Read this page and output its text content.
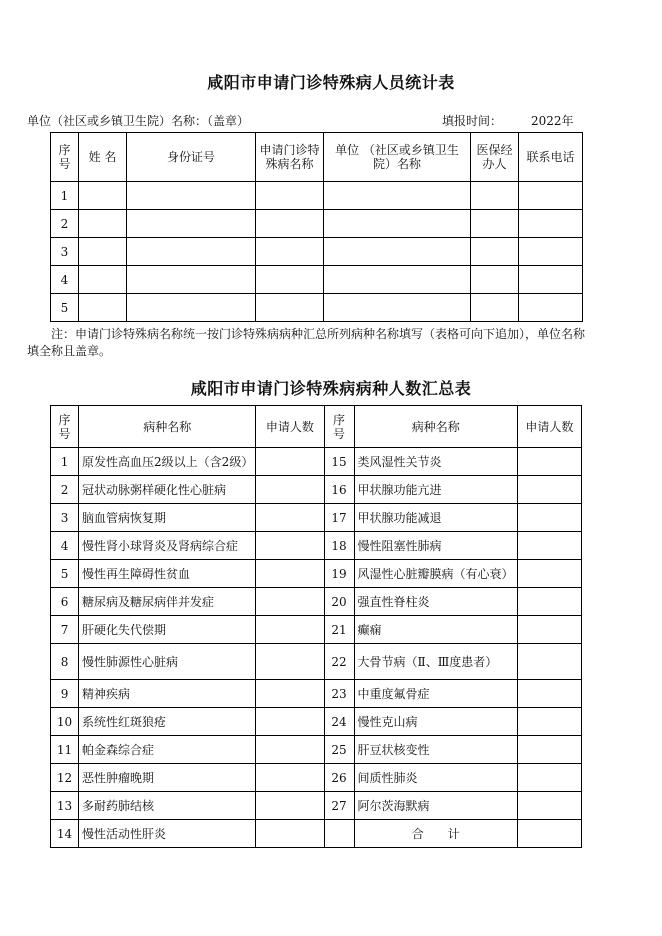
咸阳市申请门诊特殊病人员统计表
单位（社区或乡镇卫生院）名称：（盖章）	填报时间： 2022年
序号	姓 名	身份证号	申请门诊特殊病名称	单位 （社区或乡镇卫生院）名称	医保经办人	联系电话
1						
2						
3						
4						
5						
注：申请门诊特殊病名称统一按门诊特殊病病种汇总所列病种名称填写（表格可向下追加），单位名称填全称且盖章。
咸阳市申请门诊特殊病病种人数汇总表
序号	病种名称	申请人数	序号	病种名称	申请人数
1	原发性高血压2级以上（含2级）		15	类风湿性关节炎	
2	冠状动脉粥样硬化性心脏病		16	甲状腺功能亢进	
3	脑血管病恢复期		17	甲状腺功能减退	
4	慢性肾小球肾炎及肾病综合症		18	慢性阻塞性肺病	
5	慢性再生障碍性贫血		19	风湿性心脏瓣膜病（有心衰）	
6	糖尿病及糖尿病伴并发症		20	强直性脊柱炎	
7	肝硬化失代偿期		21	癫痫	
8	慢性肺源性心脏病		22	大骨节病（Ⅱ、Ⅲ度患者）	
9	精神疾病		23	中重度氟骨症	
10	系统性红斑狼疮		24	慢性克山病	
11	帕金森综合症		25	肝豆状核变性	
12	恶性肿瘤晚期		26	间质性肺炎	
13	多耐药肺结核		27	阿尔茨海默病	
14	慢性活动性肝炎			合　　计	
